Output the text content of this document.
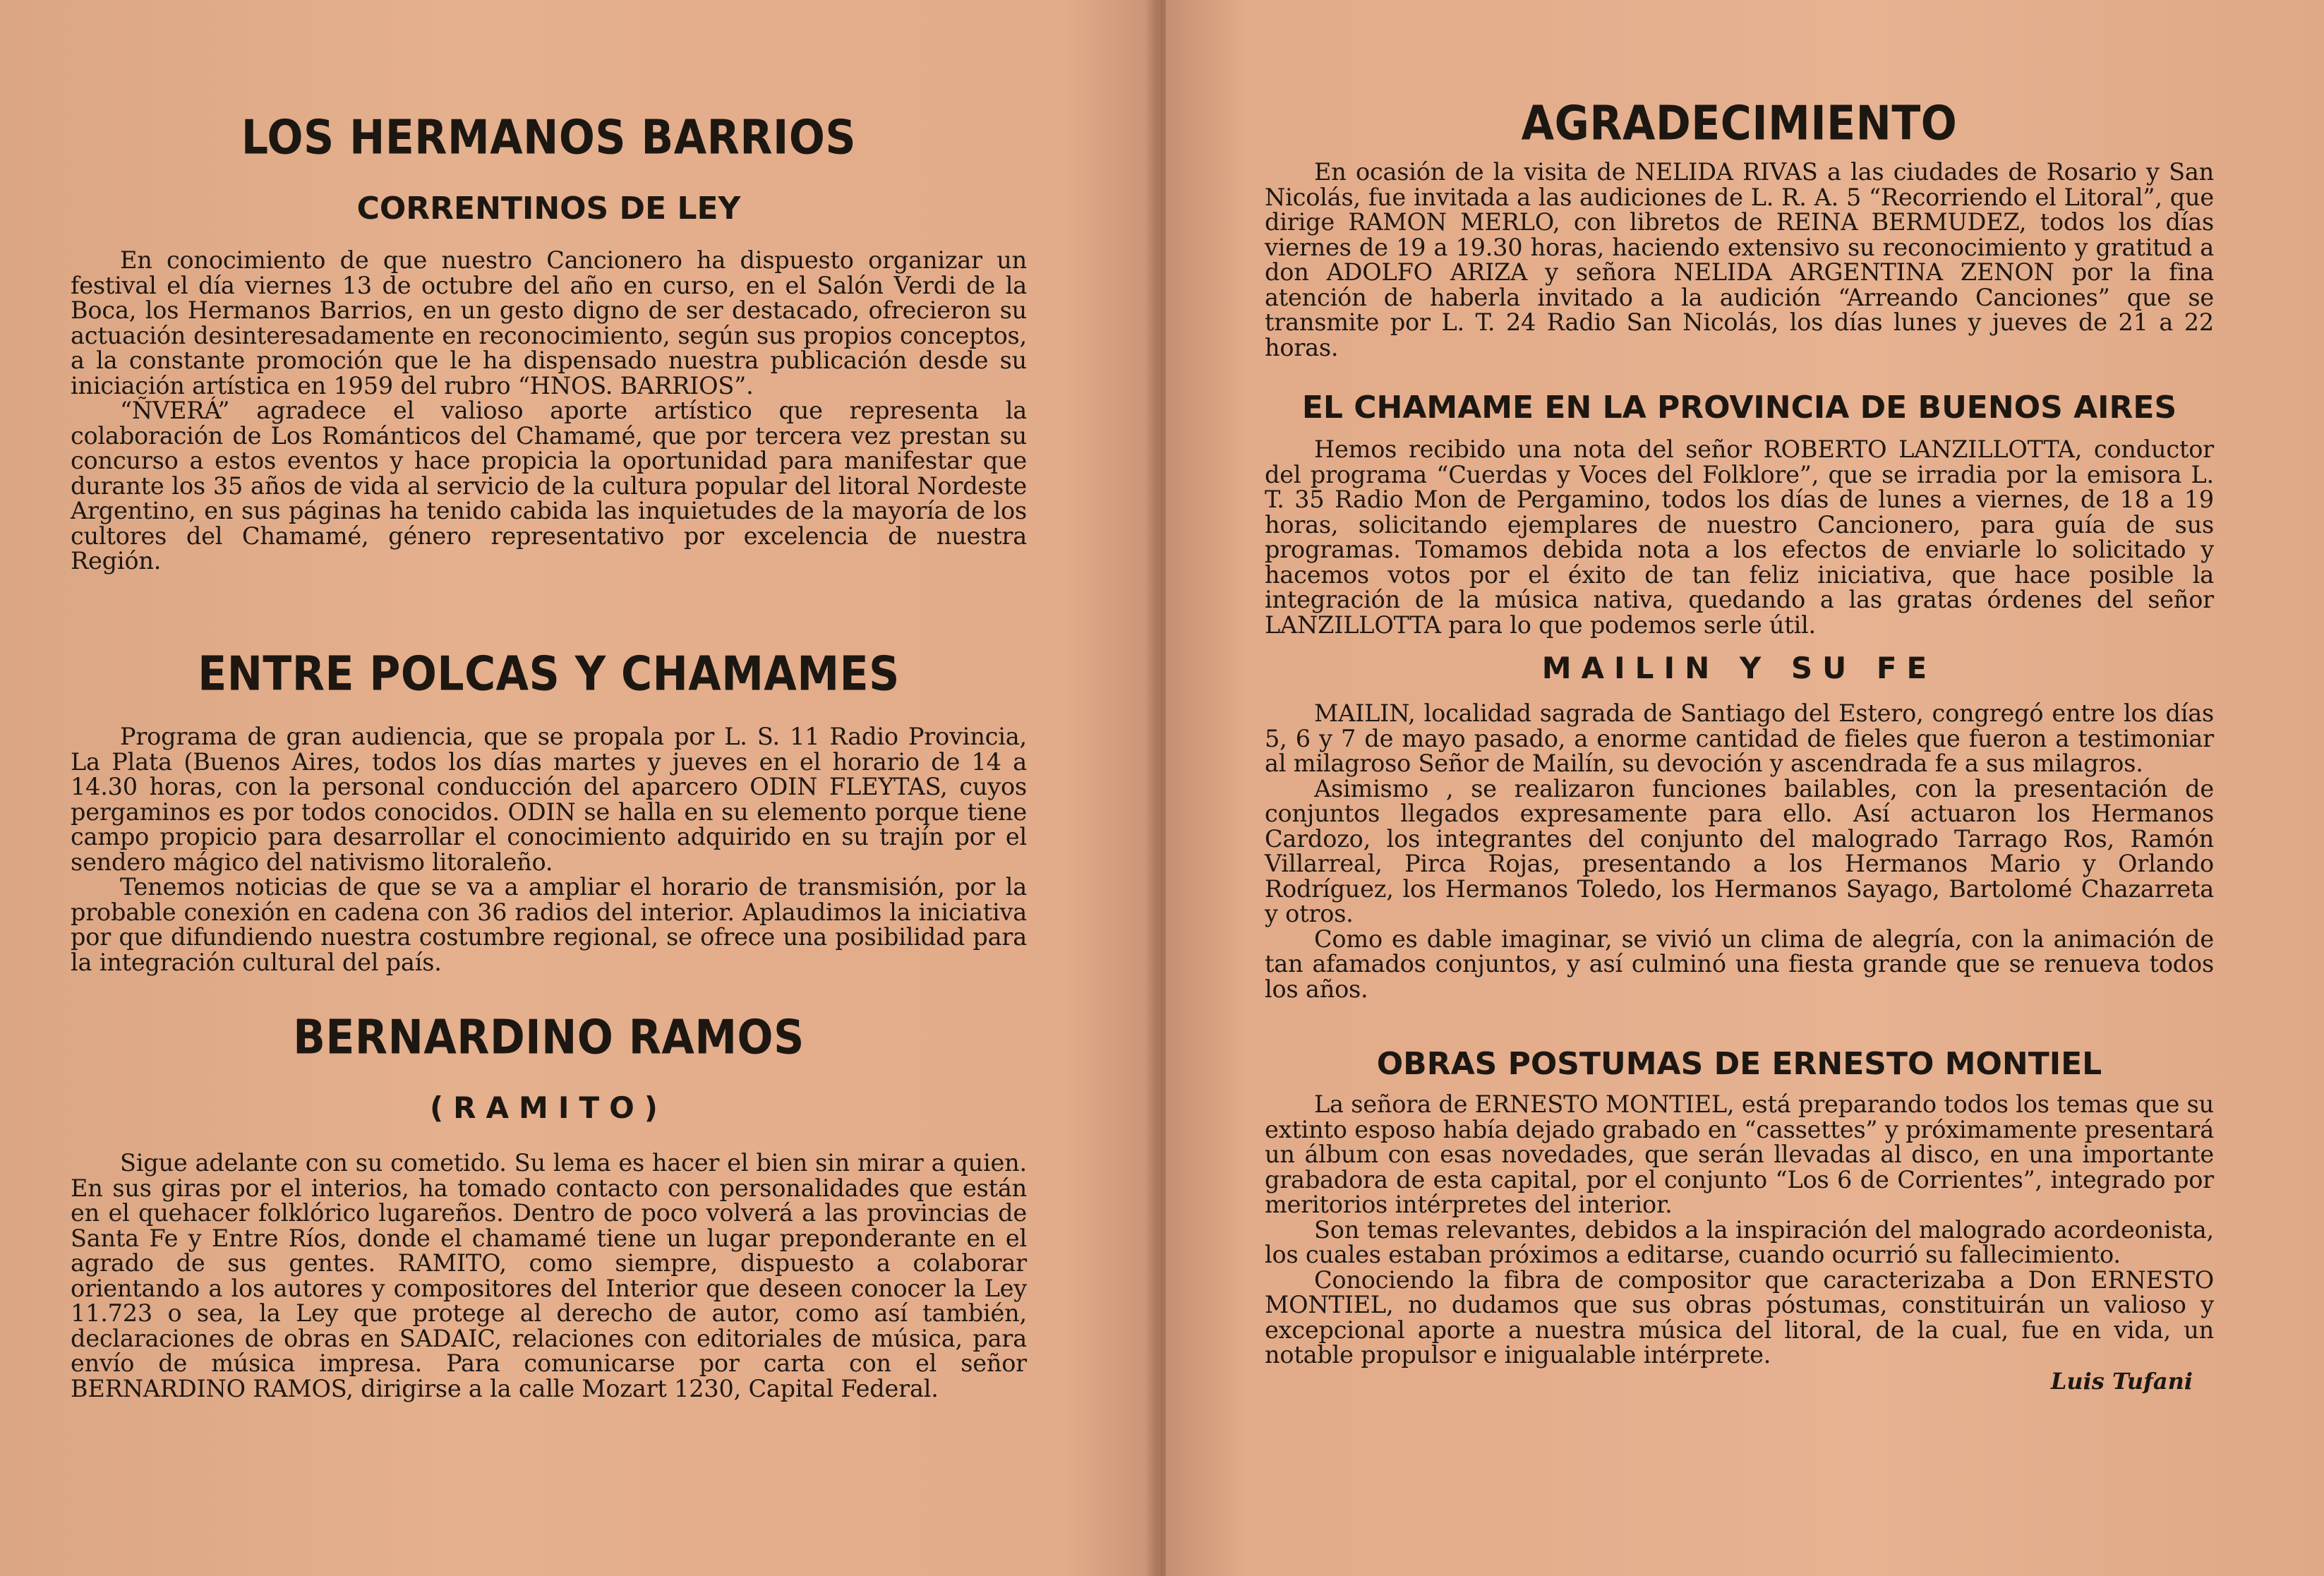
LOS HERMANOS BARRIOS
CORRENTINOS DE LEY

En conocimiento de que nuestro Cancionero ha dispuesto organizar un festival el día viernes 13 de octubre del año en curso, en el Salón Verdi de la Boca, los Hermanos Barrios, en un gesto digno de ser destacado, ofrecieron su actuación desinteresadamente en reconocimiento, según sus propios conceptos, a la constante promoción que le ha dispensado nuestra publicación desde su iniciación artística en 1959 del rubro “HNOS. BARRIOS”.

“ÑVERÁ” agradece el valioso aporte artístico que representa la colaboración de Los Románticos del Chamamé, que por tercera vez prestan su concurso a estos eventos y hace propicia la oportunidad para manifestar que durante los 35 años de vida al servicio de la cultura popular del litoral Nordeste Argentino, en sus páginas ha tenido cabida las inquietudes de la mayoría de los cultores del Chamamé, género representativo por excelencia de nuestra Región.

ENTRE POLCAS Y CHAMAMES

Programa de gran audiencia, que se propala por L. S. 11 Radio Provincia, La Plata (Buenos Aires, todos los días martes y jueves en el horario de 14 a 14.30 horas, con la personal conducción del aparcero ODIN FLEYTAS, cuyos pergaminos es por todos conocidos. ODIN se halla en su elemento porque tiene campo propicio para desarrollar el conocimiento adquirido en su trajín por el sendero mágico del nativismo litoraleño.

Tenemos noticias de que se va a ampliar el horario de transmisión, por la probable conexión en cadena con 36 radios del interior. Aplaudimos la iniciativa por que difundiendo nuestra costumbre regional, se ofrece una posibilidad para la integración cultural del país.

BERNARDINO RAMOS
(RAMITO)

Sigue adelante con su cometido. Su lema es hacer el bien sin mirar a quien. En sus giras por el interios, ha tomado contacto con personalidades que están en el quehacer folklórico lugareños. Dentro de poco volverá a las provincias de Santa Fe y Entre Ríos, donde el chamamé tiene un lugar preponderante en el agrado de sus gentes. RAMITO, como siempre, dispuesto a colaborar orientando a los autores y compositores del Interior que deseen conocer la Ley 11.723 o sea, la Ley que protege al derecho de autor, como así también, declaraciones de obras en SADAIC, relaciones con editoriales de música, para envío de música impresa. Para comunicarse por carta con el señor BERNARDINO RAMOS, dirigirse a la calle Mozart 1230, Capital Federal.

AGRADECIMIENTO

En ocasión de la visita de NELIDA RIVAS a las ciudades de Rosario y San Nicolás, fue invitada a las audiciones de L. R. A. 5 “Recorriendo el Litoral”, que dirige RAMON MERLO, con libretos de REINA BERMUDEZ, todos los días viernes de 19 a 19.30 horas, haciendo extensivo su reconocimiento y gratitud a don ADOLFO ARIZA y señora NELIDA ARGENTINA ZENON por la fina atención de haberla invitado a la audición “Arreando Canciones” que se transmite por L. T. 24 Radio San Nicolás, los días lunes y jueves de 21 a 22 horas.

EL CHAMAME EN LA PROVINCIA DE BUENOS AIRES

Hemos recibido una nota del señor ROBERTO LANZILLOTTA, conductor del programa “Cuerdas y Voces del Folklore”, que se irradia por la emisora L. T. 35 Radio Mon de Pergamino, todos los días de lunes a viernes, de 18 a 19 horas, solicitando ejemplares de nuestro Cancionero, para guía de sus programas. Tomamos debida nota a los efectos de enviarle lo solicitado y hacemos votos por el éxito de tan feliz iniciativa, que hace posible la integración de la música nativa, quedando a las gratas órdenes del señor LANZILLOTTA para lo que podemos serle útil.

MAILIN Y SU FE

MAILIN, localidad sagrada de Santiago del Estero, congregó entre los días 5, 6 y 7 de mayo pasado, a enorme cantidad de fieles que fueron a testimoniar al milagroso Señor de Mailín, su devoción y ascendrada fe a sus milagros.

Asimismo , se realizaron funciones bailables, con la presentación de conjuntos llegados expresamente para ello. Así actuaron los Hermanos Cardozo, los integrantes del conjunto del malogrado Tarrago Ros, Ramón Villarreal, Pirca Rojas, presentando a los Hermanos Mario y Orlando Rodríguez, los Hermanos Toledo, los Hermanos Sayago, Bartolomé Chazarreta y otros.

Como es dable imaginar, se vivió un clima de alegría, con la animación de tan afamados conjuntos, y así culminó una fiesta grande que se renueva todos los años.

OBRAS POSTUMAS DE ERNESTO MONTIEL

La señora de ERNESTO MONTIEL, está preparando todos los temas que su extinto esposo había dejado grabado en “cassettes” y próximamente presentará un álbum con esas novedades, que serán llevadas al disco, en una importante grabadora de esta capital, por el conjunto “Los 6 de Corrientes”, integrado por meritorios intérpretes del interior.

Son temas relevantes, debidos a la inspiración del malogrado acordeonista, los cuales estaban próximos a editarse, cuando ocurrió su fallecimiento.

Conociendo la fibra de compositor que caracterizaba a Don ERNESTO MONTIEL, no dudamos que sus obras póstumas, constituirán un valioso y excepcional aporte a nuestra música del litoral, de la cual, fue en vida, un notable propulsor e inigualable intérprete.

Luis Tufani
